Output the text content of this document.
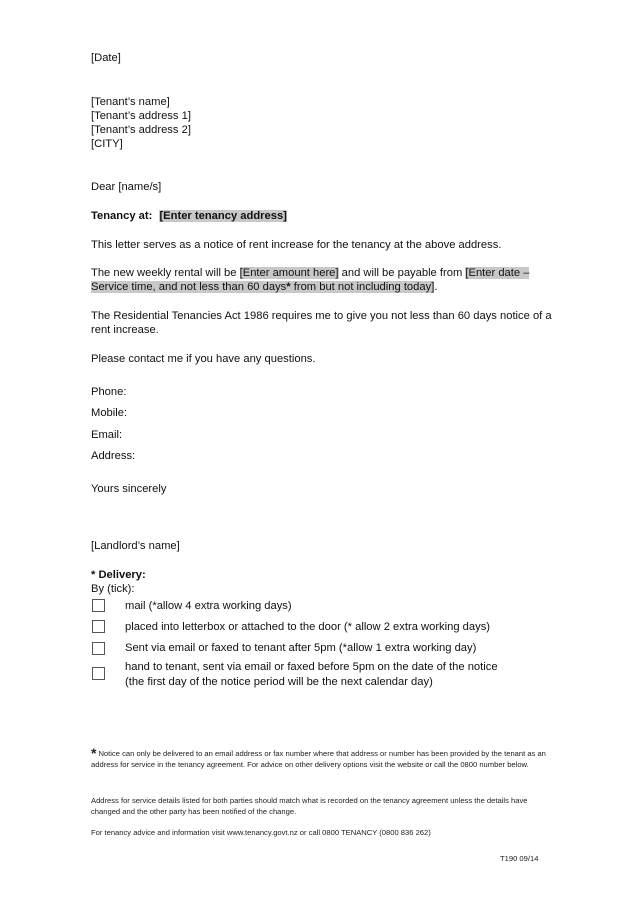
[Date]
[Tenant’s name]
[Tenant’s address 1]
[Tenant’s address 2]
[CITY]
Dear [name/s]
Tenancy at: [Enter tenancy address]
This letter serves as a notice of rent increase for the tenancy at the above address.
The new weekly rental will be [Enter amount here] and will be payable from [Enter date –
Service time, and not less than 60 days* from but not including today].
The Residential Tenancies Act 1986 requires me to give you not less than 60 days notice of a
rent increase.
Please contact me if you have any questions.
Phone:
Mobile:
Email:
Address:
Yours sincerely
[Landlord’s name]
* Delivery:
By (tick):
mail (*allow 4 extra working days)
placed into letterbox or attached to the door (* allow 2 extra working days)
Sent via email or faxed to tenant after 5pm (*allow 1 extra working day)
hand to tenant, sent via email or faxed before 5pm on the date of the notice
(the first day of the notice period will be the next calendar day)
* Notice can only be delivered to an email address or fax number where that address or number has been provided by the tenant as an address for service in the tenancy agreement. For advice on other delivery options visit the website or call the 0800 number below.
Address for service details listed for both parties should match what is recorded on the tenancy agreement unless the details have changed and the other party has been notified of the change.
For tenancy advice and information visit www.tenancy.govt.nz or call 0800 TENANCY (0800 836 262)
T190 09/14
